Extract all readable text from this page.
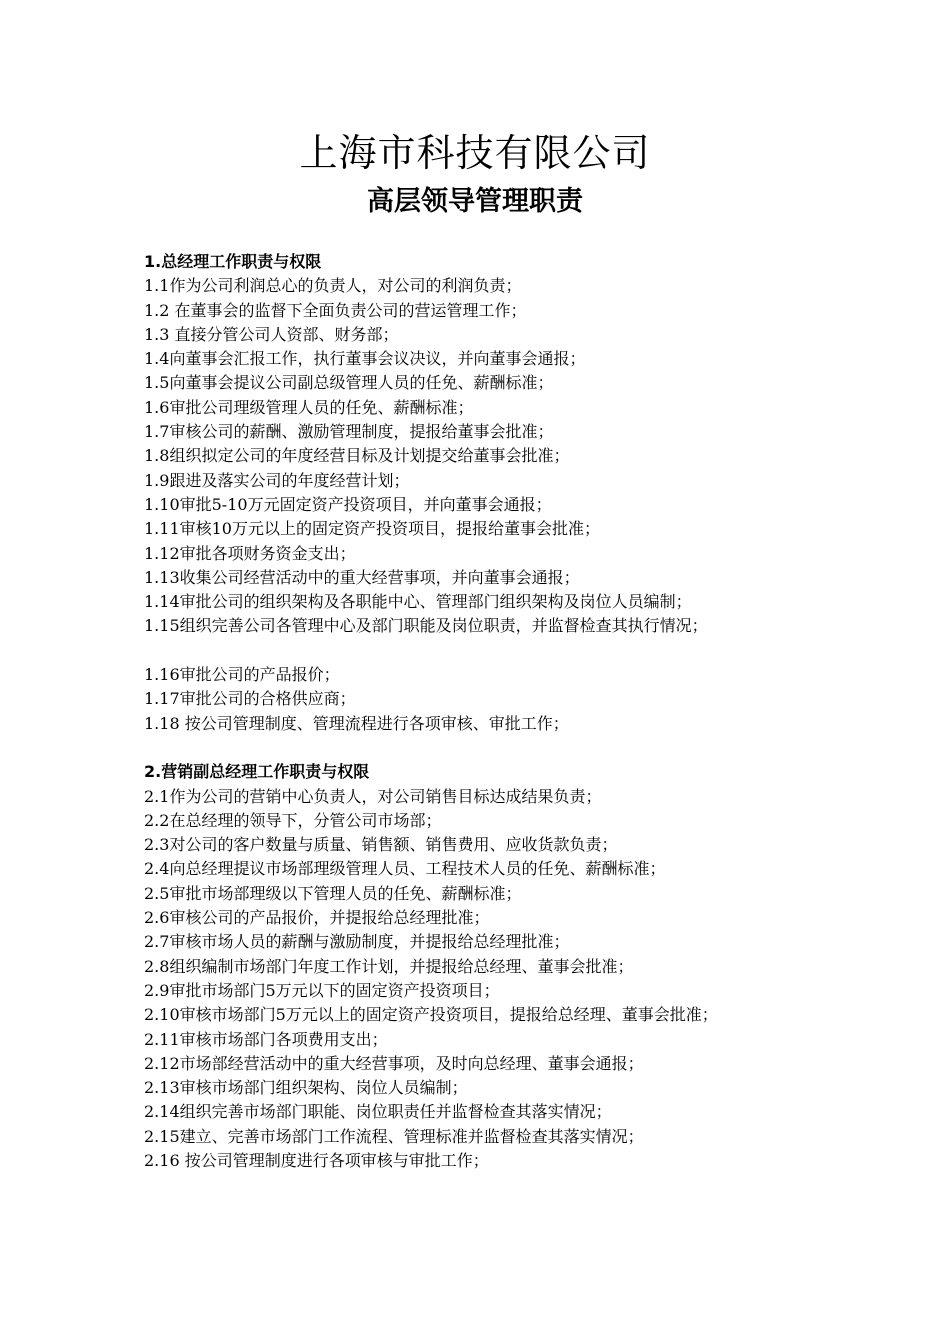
上海市科技有限公司
高层领导管理职责
1.总经理工作职责与权限
1.1作为公司利润总心的负责人，对公司的利润负责；
1.2 在董事会的监督下全面负责公司的营运管理工作；
1.3 直接分管公司人资部、财务部；
1.4向董事会汇报工作，执行董事会议决议，并向董事会通报；
1.5向董事会提议公司副总级管理人员的任免、薪酬标准；
1.6审批公司理级管理人员的任免、薪酬标准；
1.7审核公司的薪酬、激励管理制度，提报给董事会批准；
1.8组织拟定公司的年度经营目标及计划提交给董事会批准；
1.9跟进及落实公司的年度经营计划；
1.10审批5-10万元固定资产投资项目，并向董事会通报；
1.11审核10万元以上的固定资产投资项目，提报给董事会批准；
1.12审批各项财务资金支出；
1.13收集公司经营活动中的重大经营事项，并向董事会通报；
1.14审批公司的组织架构及各职能中心、管理部门组织架构及岗位人员编制；
1.15组织完善公司各管理中心及部门职能及岗位职责，并监督检查其执行情况；
1.16审批公司的产品报价；
1.17审批公司的合格供应商；
1.18 按公司管理制度、管理流程进行各项审核、审批工作；
2.营销副总经理工作职责与权限
2.1作为公司的营销中心负责人，对公司销售目标达成结果负责；
2.2在总经理的领导下，分管公司市场部；
2.3对公司的客户数量与质量、销售额、销售费用、应收货款负责；
2.4向总经理提议市场部理级管理人员、工程技术人员的任免、薪酬标准；
2.5审批市场部理级以下管理人员的任免、薪酬标准；
2.6审核公司的产品报价，并提报给总经理批准；
2.7审核市场人员的薪酬与激励制度，并提报给总经理批准；
2.8组织编制市场部门年度工作计划，并提报给总经理、董事会批准；
2.9审批市场部门5万元以下的固定资产投资项目；
2.10审核市场部门5万元以上的固定资产投资项目，提报给总经理、董事会批准；
2.11审核市场部门各项费用支出；
2.12市场部经营活动中的重大经营事项，及时向总经理、董事会通报；
2.13审核市场部门组织架构、岗位人员编制；
2.14组织完善市场部门职能、岗位职责任并监督检查其落实情况；
2.15建立、完善市场部门工作流程、管理标准并监督检查其落实情况；
2.16 按公司管理制度进行各项审核与审批工作；
